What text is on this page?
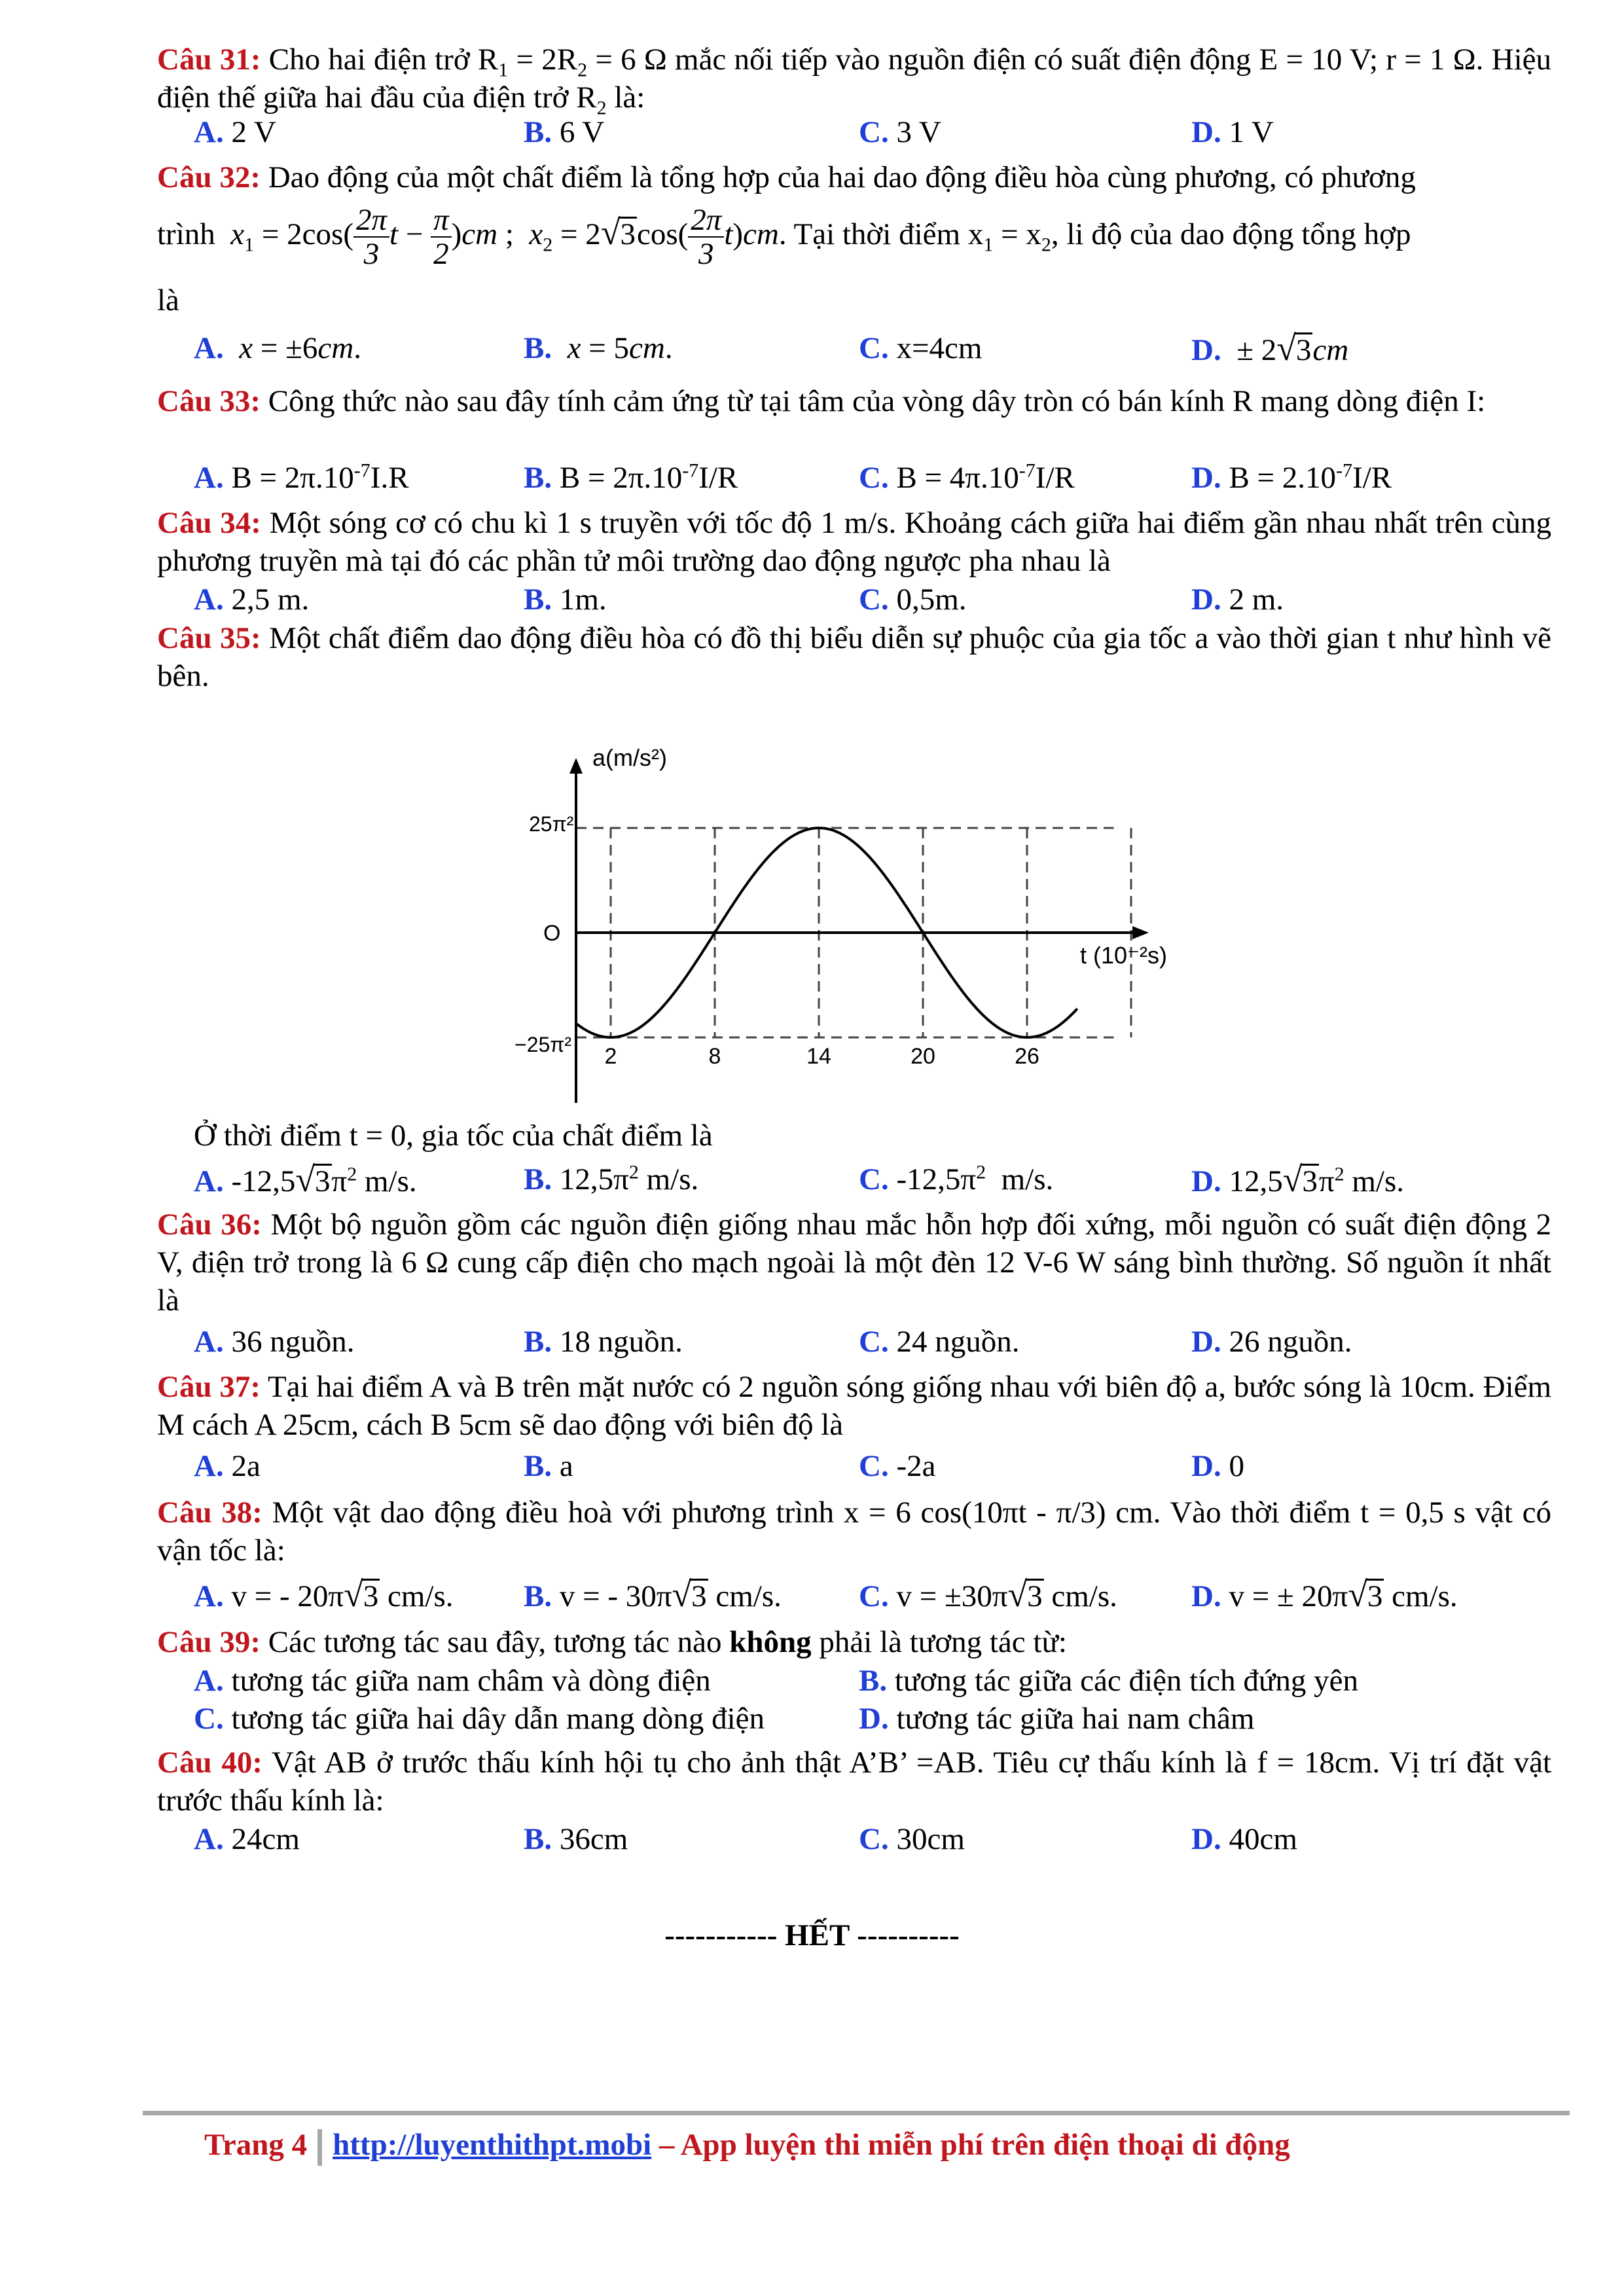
Câu 31: Cho hai điện trở $R_1 = 2R_2 = 6$ Ω mắc nối tiếp vào nguồn điện có suất điện động E = 10 V; r = 1 Ω. Hiệu điện thế giữa hai đầu của điện trở $R_2$ là:
A. 2 V	B. 6 V	C. 3 V	D. 1 V
Câu 32: Dao động của một chất điểm là tổng hợp của hai dao động điều hòa cùng phương, có phương
trình  $x_1 = 2\cos( \frac{2\pi}{3}$ $t - \frac{\pi}{2} )cm$ ;  $x_2 = 2√3\cos( \frac{2\pi}{3} t)cm$. Tại thời điểm $x_1 = x_2$, li độ của dao động tổng hợp
là
A. x = ±6cm.	B. x = 5cm.	C. x=4cm	D.  ± 2√3cm
Câu 33: Công thức nào sau đây tính cảm ứng từ tại tâm của vòng dây tròn có bán kính R mang dòng điện I:
A. $B = 2\pi.10^{-7}I.R$	B. $B = 2\pi.10^{-7}I/R$	C. $B = 4\pi.10^{-7}I/R$	D. $B = 2.10^{-7}I/R$
Câu 34: Một sóng cơ có chu kì 1 s truyền với tốc độ 1 m/s. Khoảng cách giữa hai điểm gần nhau nhất trên cùng phương truyền mà tại đó các phần tử môi trường dao động ngược pha nhau là
A. 2,5 m.	B. 1m.	C. 0,5m.	D. 2 m.
Câu 35: Một chất điểm dao động điều hòa có đồ thị biểu diễn sự phuộc của gia tốc a vào thời gian t như hình vẽ bên.
a(m/s²)
t (10⁻²s)
25π²
O
−25π² 2	8	14	20	26
Ở thời điểm t = 0, gia tốc của chất điểm là
A. $-12,5√3\pi^2$ m/s.	B. $12,5\pi^2$ m/s.	C. $-12,5\pi^2$  m/s.	D. $12,5√3\pi^2$ m/s.
Câu 36: Một bộ nguồn gồm các nguồn điện giống nhau mắc hỗn hợp đối xứng, mỗi nguồn có suất điện động 2 V, điện trở trong là 6 Ω cung cấp điện cho mạch ngoài là một đèn 12 V-6 W sáng bình thường. Số nguồn ít nhất là
A. 36 nguồn.	B. 18 nguồn.	C. 24 nguồn.	D. 26 nguồn.
Câu 37: Tại hai điểm A và B trên mặt nước có 2 nguồn sóng giống nhau với biên độ a, bước sóng là 10cm. Điểm M cách A 25cm, cách B 5cm sẽ dao động với biên độ là
A. 2a	B. a	C. -2a	D. 0
Câu 38: Một vật dao động điều hoà với phương trình x = 6 cos(10πt - π/3) cm. Vào thời điểm t = 0,5 s vật có vận tốc là:
A. v = - 20π√3 cm/s. B. v = - 30π√3 cm/s.	C. v = ±30π√3 cm/s. D. v = ± 20π√3 cm/s.
Câu 39: Các tương tác sau đây, tương tác nào không phải là tương tác từ:
A. tương tác giữa nam châm và dòng điện	B. tương tác giữa các điện tích đứng yên
C. tương tác giữa hai dây dẫn mang dòng điện	D. tương tác giữa hai nam châm
Câu 40: Vật AB ở trước thấu kính hội tụ cho ảnh thật A’B’ =AB. Tiêu cự thấu kính là f = 18cm. Vị trí đặt vật trước thấu kính là:
A. 24cm	B. 36cm	C. 30cm	D. 40cm
----------- HẾT ----------
Trang 4 http://luyenthithpt.mobi – App luyện thi miễn phí trên điện thoại di động
